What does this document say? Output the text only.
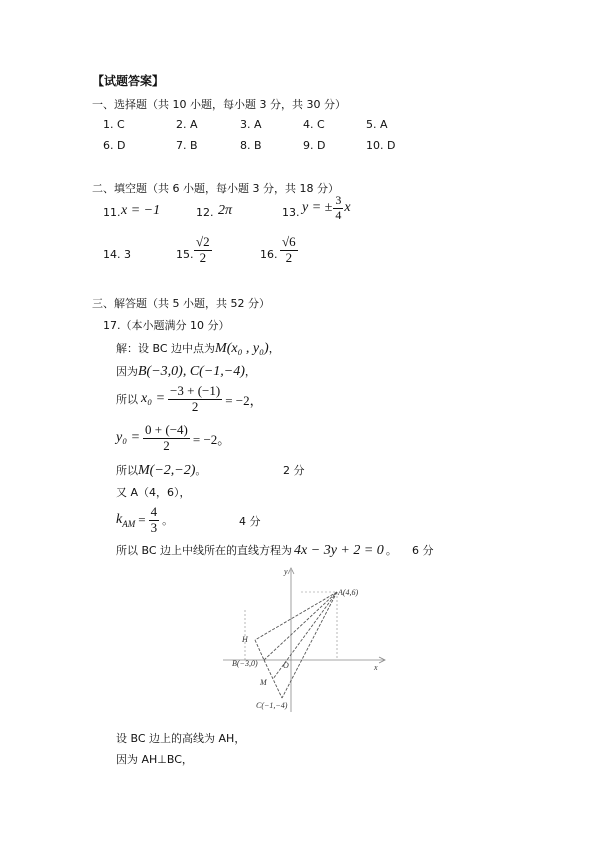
【试题答案】
一、选择题（共 10 小题，每小题 3 分，共 30 分）
1. C	2. A	3. A	4. C	5. A
6. D	7. B	8. B	9. D	10. D
二、填空题（共 6 小题，每小题 3 分，共 18 分）
11. x = −1	12. 2π	13. y = ± $\frac{3}{4}$ x
14. 3	15. $\frac{√2}{2}$	16. $\frac{√6}{2}$
三、解答题（共 5 小题，共 52 分）
17.（本小题满分 10 分）
解：设 BC 边中点为 M(x₀ , y₀) ，
因为 B(−3,0), C(−1,−4) ，
所以 $x_0 = \frac{-3 + (-1)}{2} = -2$，
$y_0 = \frac{0 + (-4)}{2} = -2$。
所以 M(−2,−2) 。	2 分
又 A（4，6），
$k_{AM} = \frac{4}{3}$ 。	4 分
所以 BC 边上中线所在的直线方程为 4x − 3y + 2 = 0 。 6 分
y
x
A(4,6)
H
B(−3,0)	O
M
C(−1,−4)
设 BC 边上的高线为 AH，
因为 AH⊥BC，
